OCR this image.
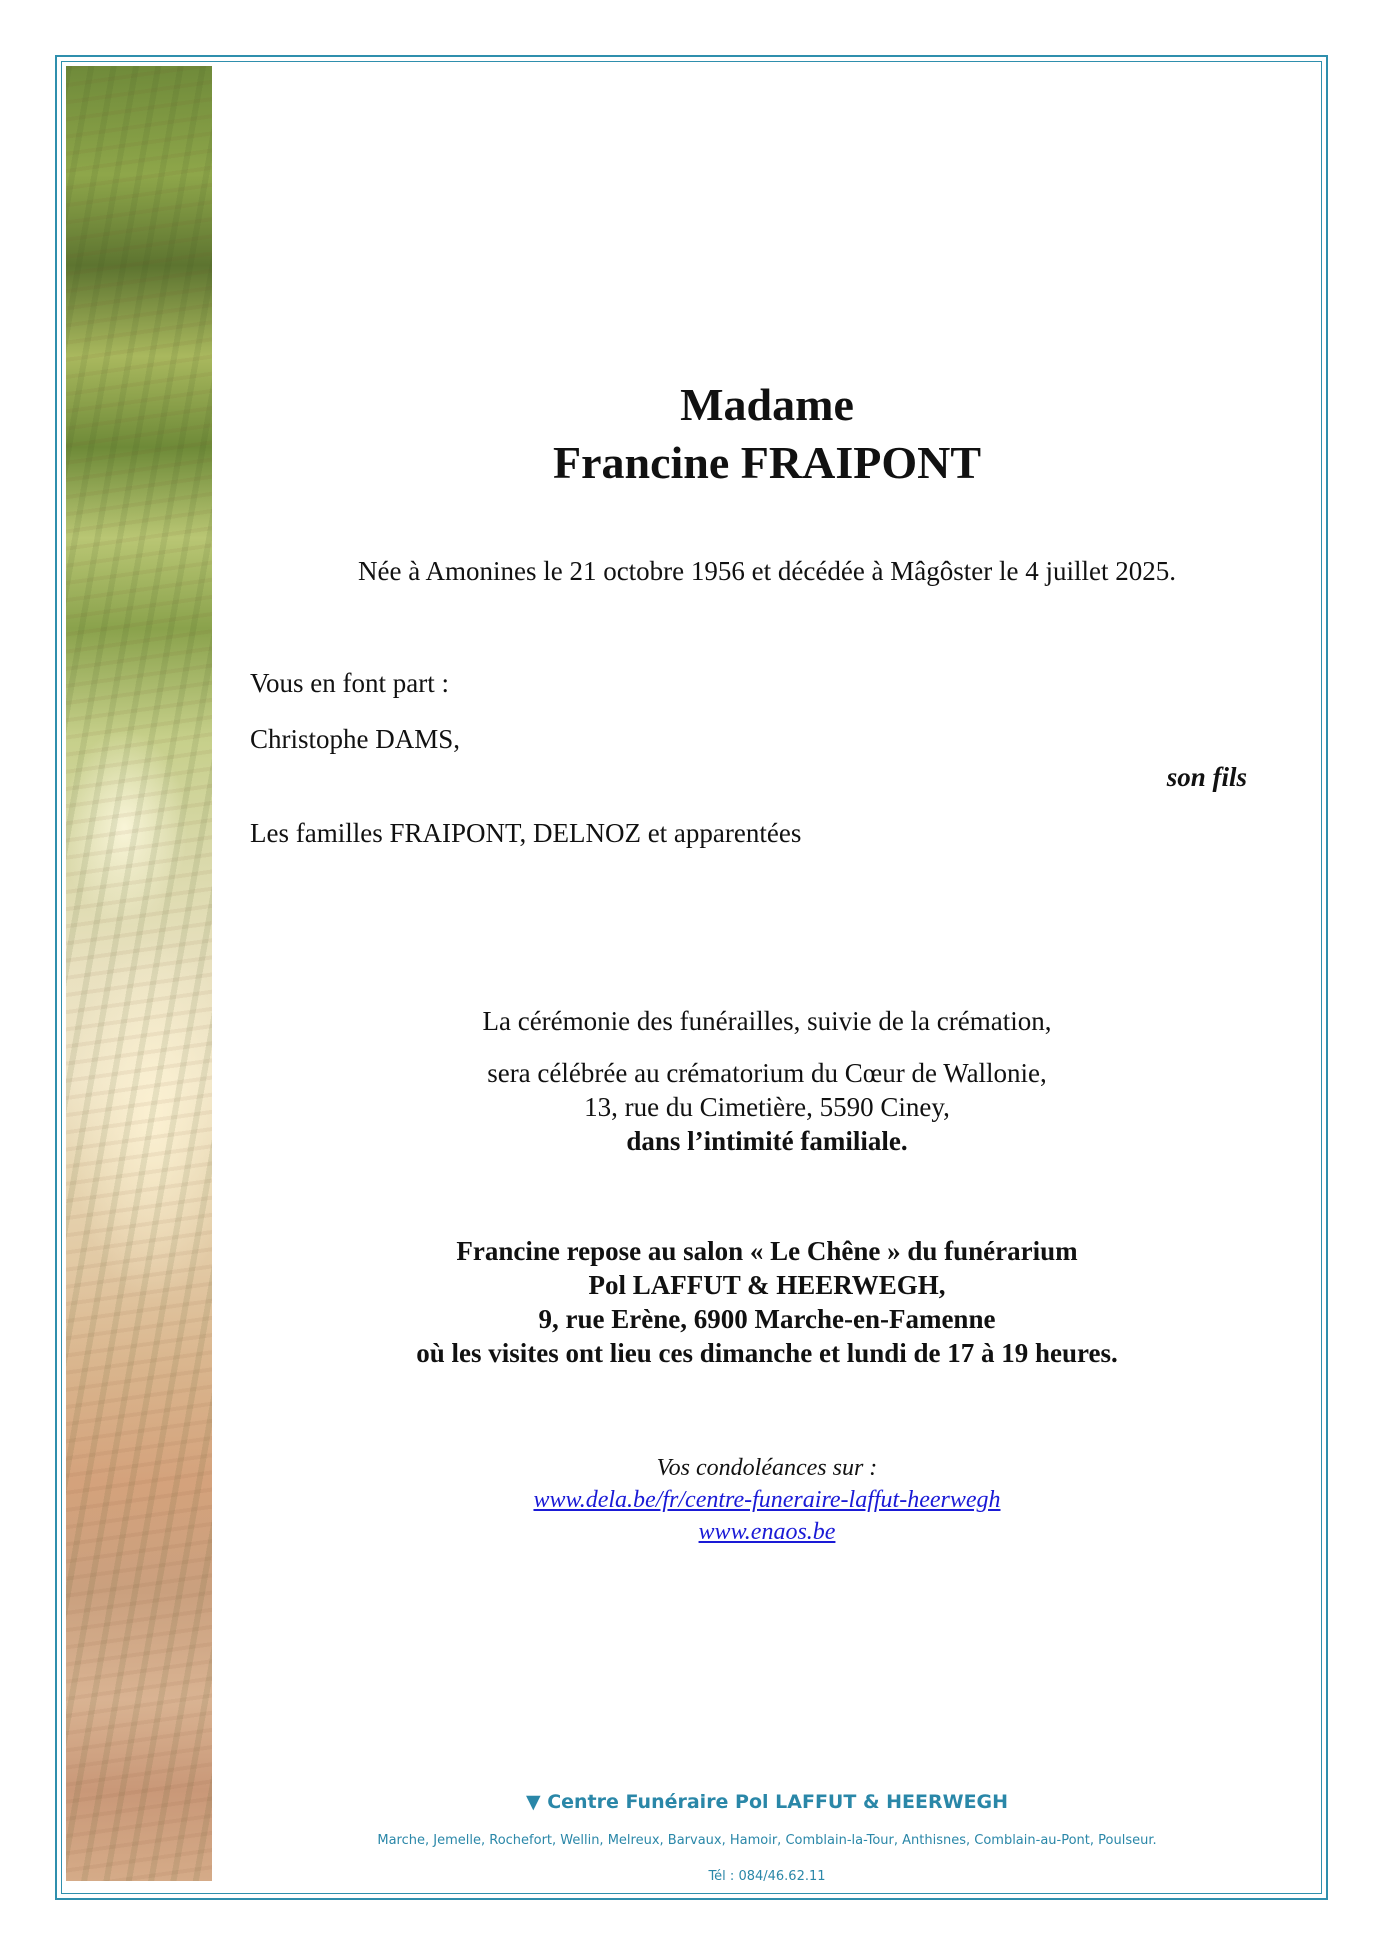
Madame
Francine FRAIPONT
Née à Amonines le 21 octobre 1956 et décédée à Mâgôster le 4 juillet 2025.
Vous en font part :
Christophe DAMS,
son fils
Les familles FRAIPONT, DELNOZ et apparentées
La cérémonie des funérailles, suivie de la crémation,
sera célébrée au crématorium du Cœur de Wallonie,
13, rue du Cimetière, 5590 Ciney,
dans l’intimité familiale.
Francine repose au salon « Le Chêne » du funérarium
Pol LAFFUT & HEERWEGH,
9, rue Erène, 6900 Marche-en-Famenne
où les visites ont lieu ces dimanche et lundi de 17 à 19 heures.
Vos condoléances sur :
www.dela.be/fr/centre-funeraire-laffut-heerwegh
www.enaos.be
▼ Centre Funéraire Pol LAFFUT & HEERWEGH
Marche, Jemelle, Rochefort, Wellin, Melreux, Barvaux, Hamoir, Comblain-la-Tour, Anthisnes, Comblain-au-Pont, Poulseur.
Tél : 084/46.62.11
